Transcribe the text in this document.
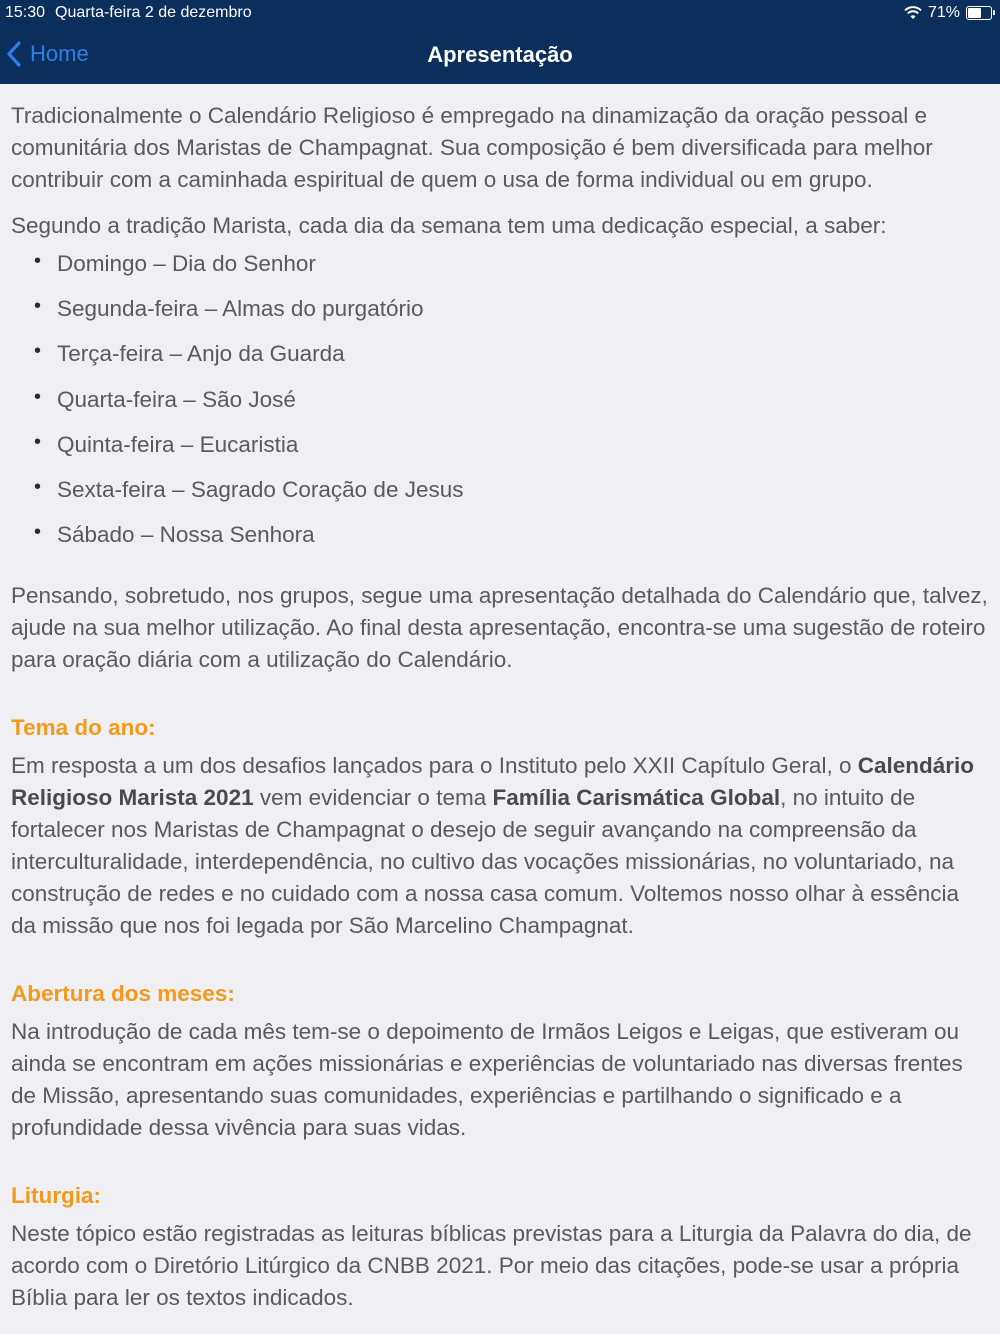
15:30 Quarta-feira 2 de dezembro	71%
Home	Apresentação

Tradicionalmente o Calendário Religioso é empregado na dinamização da oração pessoal e comunitária dos Maristas de Champagnat. Sua composição é bem diversificada para melhor contribuir com a caminhada espiritual de quem o usa de forma individual ou em grupo.

Segundo a tradição Marista, cada dia da semana tem uma dedicação especial, a saber:

• Domingo – Dia do Senhor
• Segunda-feira – Almas do purgatório
• Terça-feira – Anjo da Guarda
• Quarta-feira – São José
• Quinta-feira – Eucaristia
• Sexta-feira – Sagrado Coração de Jesus
• Sábado – Nossa Senhora

Pensando, sobretudo, nos grupos, segue uma apresentação detalhada do Calendário que, talvez, ajude na sua melhor utilização. Ao final desta apresentação, encontra-se uma sugestão de roteiro para oração diária com a utilização do Calendário.

Tema do ano:

Em resposta a um dos desafios lançados para o Instituto pelo XXII Capítulo Geral, o Calendário Religioso Marista 2021 vem evidenciar o tema Família Carismática Global, no intuito de fortalecer nos Maristas de Champagnat o desejo de seguir avançando na compreensão da interculturalidade, interdependência, no cultivo das vocações missionárias, no voluntariado, na construção de redes e no cuidado com a nossa casa comum. Voltemos nosso olhar à essência da missão que nos foi legada por São Marcelino Champagnat.

Abertura dos meses:

Na introdução de cada mês tem-se o depoimento de Irmãos Leigos e Leigas, que estiveram ou ainda se encontram em ações missionárias e experiências de voluntariado nas diversas frentes de Missão, apresentando suas comunidades, experiências e partilhando o significado e a profundidade dessa vivência para suas vidas.

Liturgia:

Neste tópico estão registradas as leituras bíblicas previstas para a Liturgia da Palavra do dia, de acordo com o Diretório Litúrgico da CNBB 2021. Por meio das citações, pode-se usar a própria Bíblia para ler os textos indicados.
